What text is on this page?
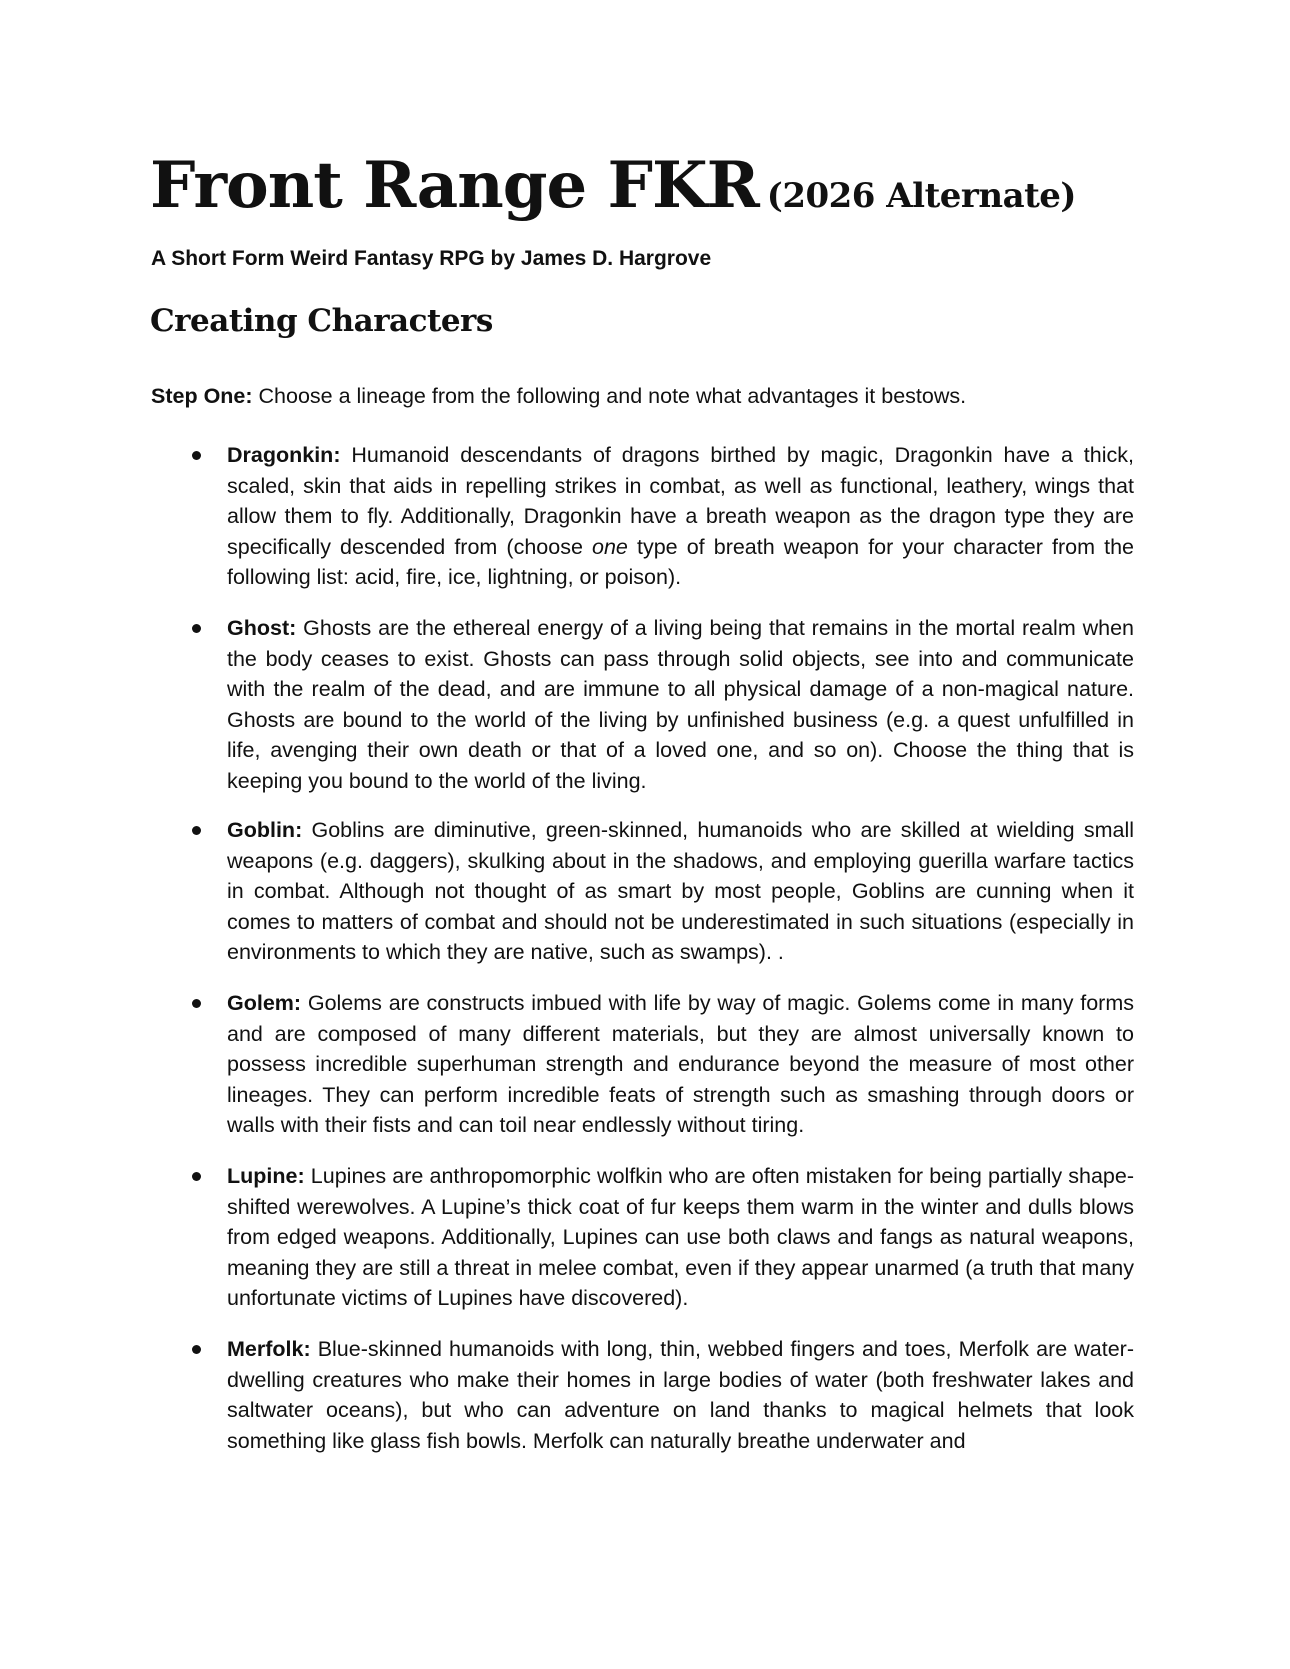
Front Range FKR (2026 Alternate)
A Short Form Weird Fantasy RPG by James D. Hargrove
Creating Characters
Step One: Choose a lineage from the following and note what advantages it bestows.
Dragonkin: Humanoid descendants of dragons birthed by magic, Dragonkin have a thick, scaled, skin that aids in repelling strikes in combat, as well as functional, leathery, wings that allow them to fly. Additionally, Dragonkin have a breath weapon as the dragon type they are specifically descended from (choose one type of breath weapon for your character from the following list: acid, fire, ice, lightning, or poison).
Ghost: Ghosts are the ethereal energy of a living being that remains in the mortal realm when the body ceases to exist. Ghosts can pass through solid objects, see into and communicate with the realm of the dead, and are immune to all physical damage of a non-magical nature. Ghosts are bound to the world of the living by unfinished business (e.g. a quest unfulfilled in life, avenging their own death or that of a loved one, and so on). Choose the thing that is keeping you bound to the world of the living.
Goblin: Goblins are diminutive, green-skinned, humanoids who are skilled at wielding small weapons (e.g. daggers), skulking about in the shadows, and employing guerilla warfare tactics in combat. Although not thought of as smart by most people, Goblins are cunning when it comes to matters of combat and should not be underestimated in such situations (especially in environments to which they are native, such as swamps). .
Golem: Golems are constructs imbued with life by way of magic. Golems come in many forms and are composed of many different materials, but they are almost universally known to possess incredible superhuman strength and endurance beyond the measure of most other lineages. They can perform incredible feats of strength such as smashing through doors or walls with their fists and can toil near endlessly without tiring.
Lupine: Lupines are anthropomorphic wolfkin who are often mistaken for being partially shape-shifted werewolves. A Lupine’s thick coat of fur keeps them warm in the winter and dulls blows from edged weapons. Additionally, Lupines can use both claws and fangs as natural weapons, meaning they are still a threat in melee combat, even if they appear unarmed (a truth that many unfortunate victims of Lupines have discovered).
Merfolk: Blue-skinned humanoids with long, thin, webbed fingers and toes, Merfolk are water-dwelling creatures who make their homes in large bodies of water (both freshwater lakes and saltwater oceans), but who can adventure on land thanks to magical helmets that look something like glass fish bowls. Merfolk can naturally breathe underwater and
